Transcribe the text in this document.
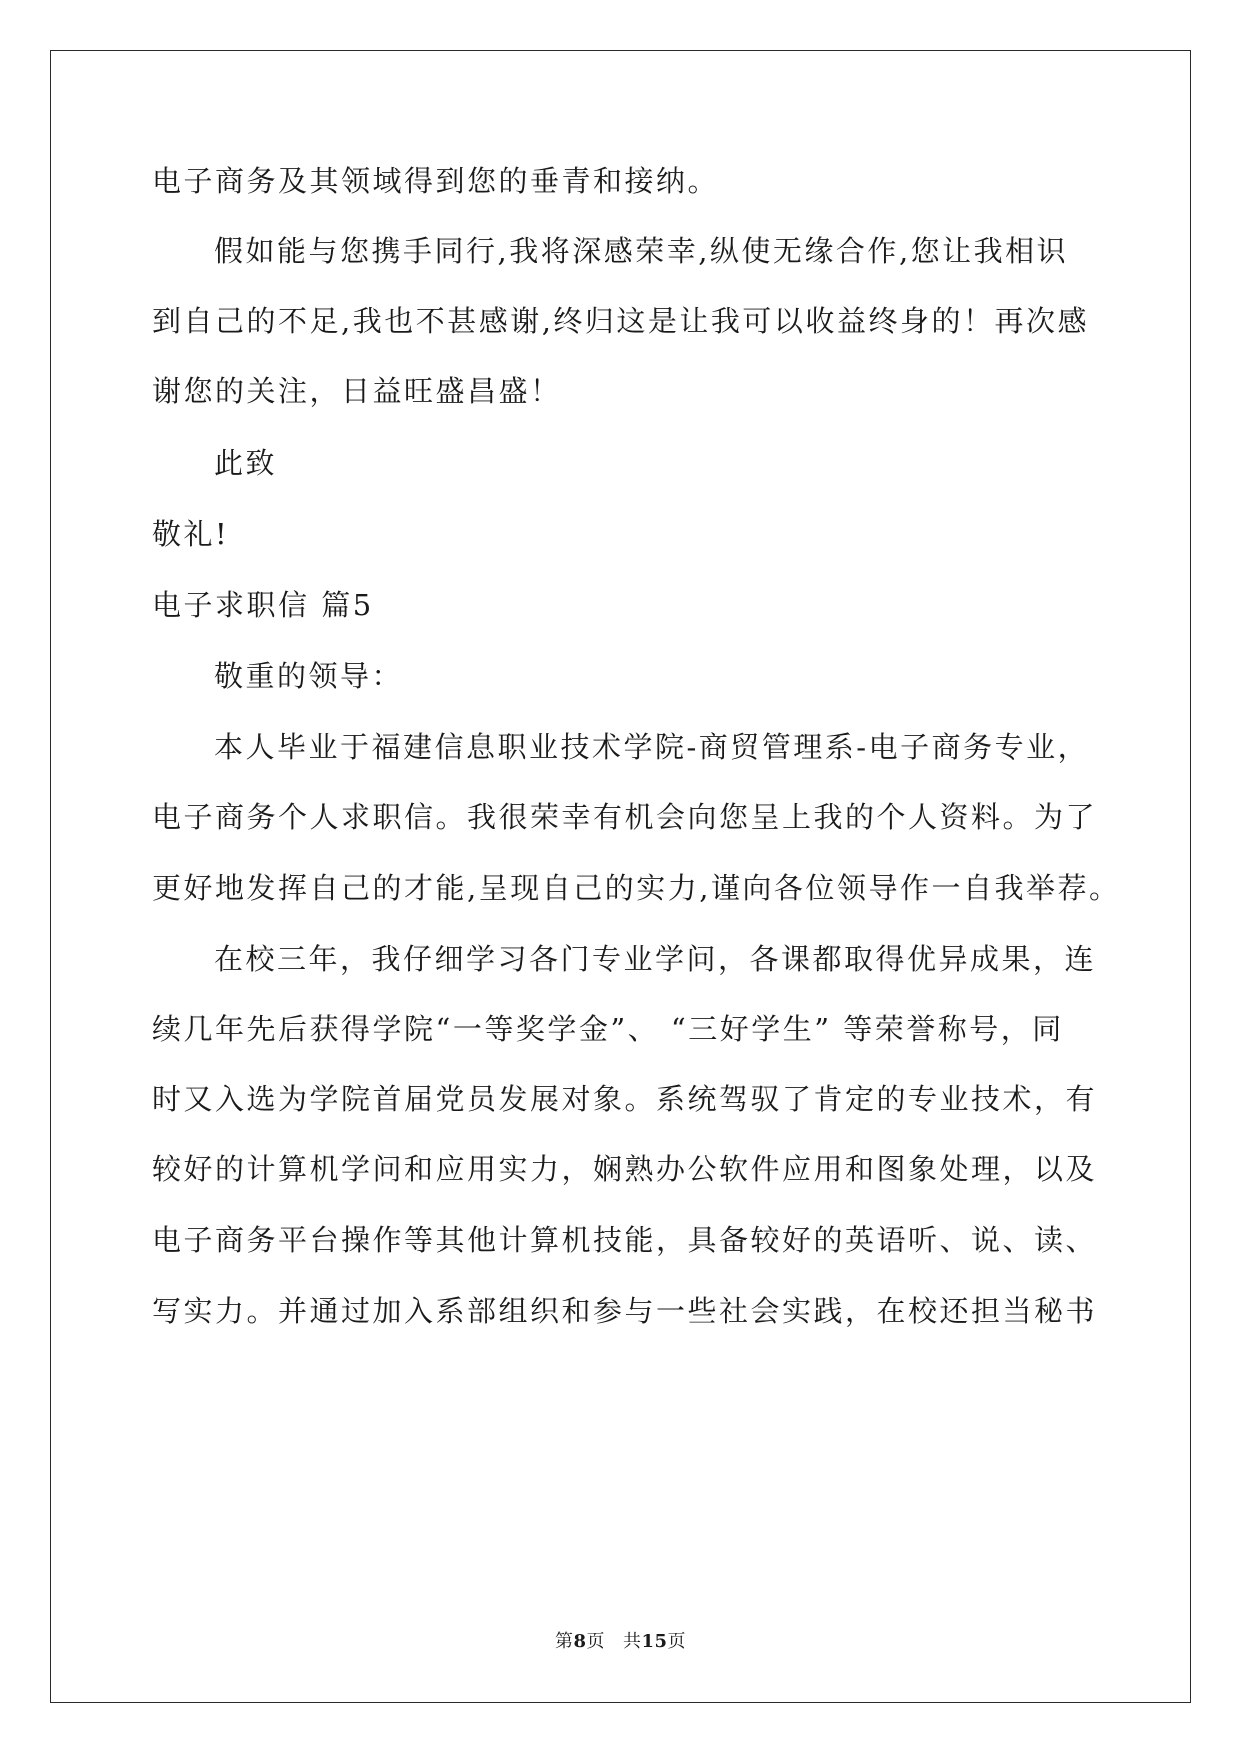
电子商务及其领域得到您的垂青和接纳。
假如能与您携手同行,我将深感荣幸,纵使无缘合作,您让我相识
到自己的不足,我也不甚感谢,终归这是让我可以收益终身的！再次感
谢您的关注，日益旺盛昌盛！
此致
敬礼!
电子求职信 篇5
敬重的领导：
本人毕业于福建信息职业技术学院-商贸管理系-电子商务专业，
电子商务个人求职信。我很荣幸有机会向您呈上我的个人资料。为了
更好地发挥自己的才能,呈现自己的实力,谨向各位领导作一自我举荐。
在校三年，我仔细学习各门专业学问，各课都取得优异成果，连
续几年先后获得学院“一等奖学金”、 “三好学生” 等荣誉称号，同
时又入选为学院首届党员发展对象。系统驾驭了肯定的专业技术，有
较好的计算机学问和应用实力，娴熟办公软件应用和图象处理，以及
电子商务平台操作等其他计算机技能，具备较好的英语听、说、读、
写实力。并通过加入系部组织和参与一些社会实践，在校还担当秘书
第8页 共15页
